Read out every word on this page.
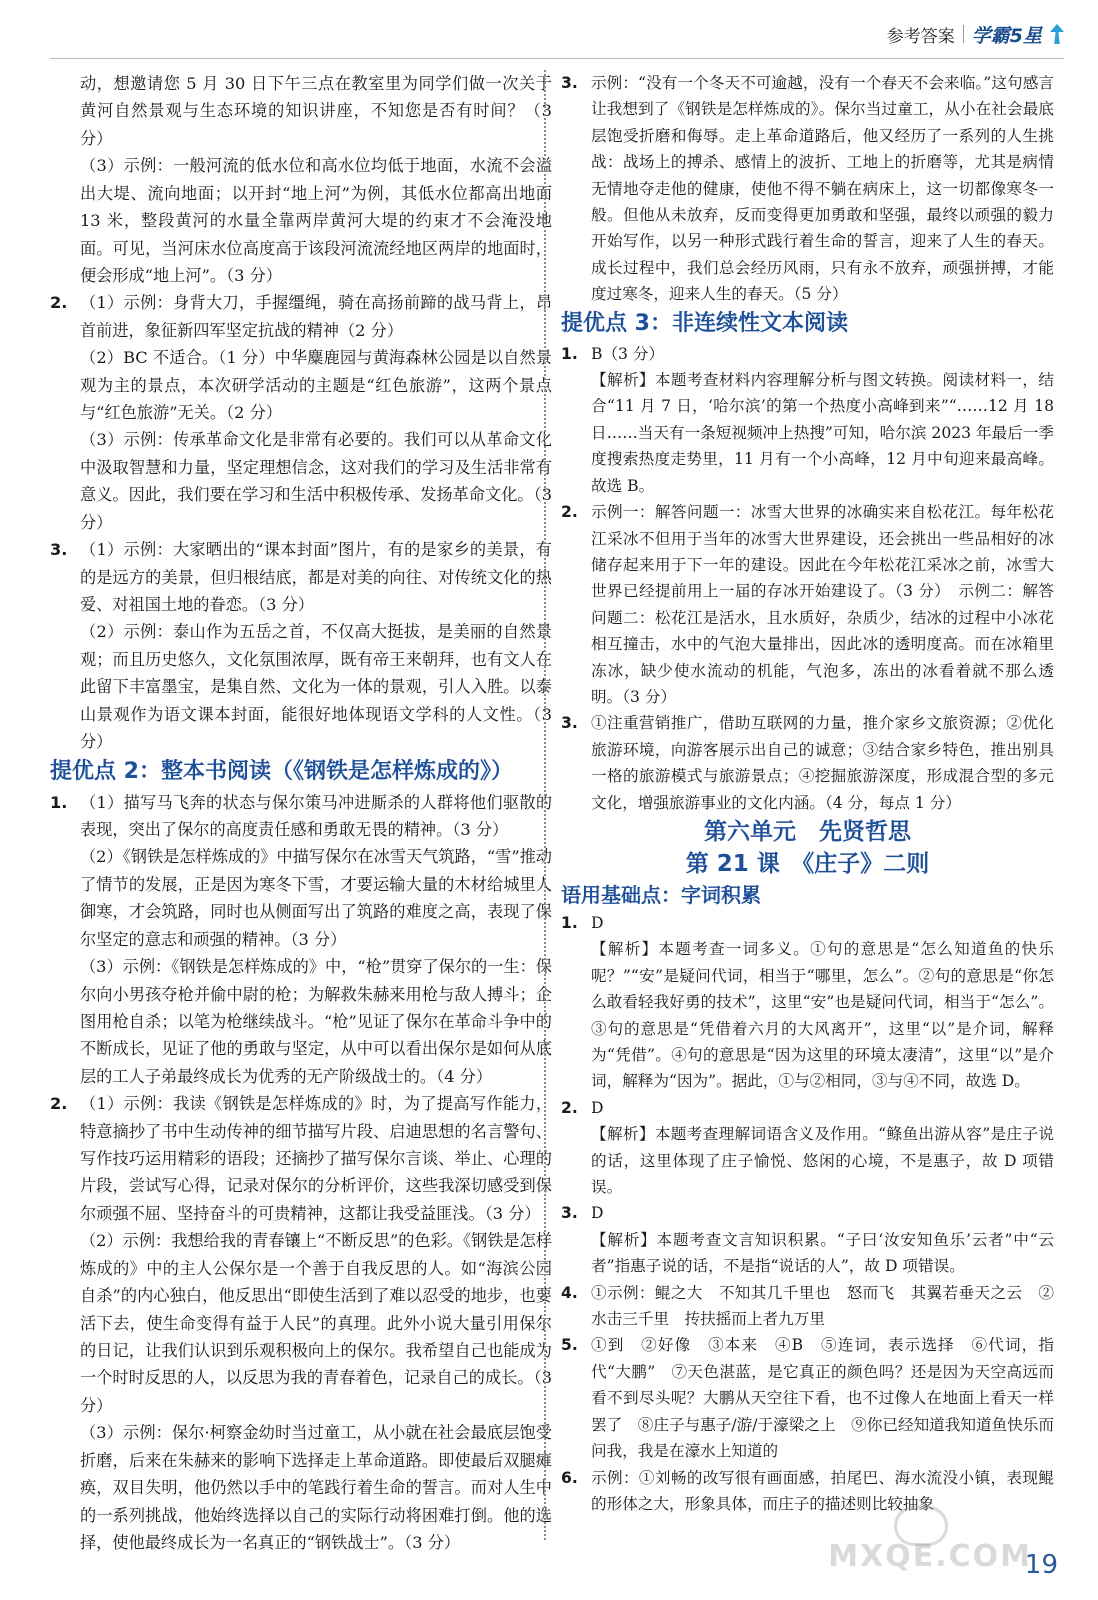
参考答案 学霸5星

动，想邀请您 5 月 30 日下午三点在教室里为同学们做一次关于黄河自然景观与生态环境的知识讲座，不知您是否有时间？（3 分）

（3）示例：一般河流的低水位和高水位均低于地面，水流不会溢出大堤、流向地面；以开封“地上河”为例，其低水位都高出地面 13 米，整段黄河的水量全靠两岸黄河大堤的约束才不会淹没地面。可见，当河床水位高度高于该段河流流经地区两岸的地面时，便会形成“地上河”。（3 分）

2. （1）示例：身背大刀，手握缰绳，骑在高扬前蹄的战马背上，昂首前进，象征新四军坚定抗战的精神（2 分）

（2）BC 不适合。（1 分）中华麋鹿园与黄海森林公园是以自然景观为主的景点，本次研学活动的主题是“红色旅游”，这两个景点与“红色旅游”无关。（2 分）

（3）示例：传承革命文化是非常有必要的。我们可以从革命文化中汲取智慧和力量，坚定理想信念，这对我们的学习及生活非常有意义。因此，我们要在学习和生活中积极传承、发扬革命文化。（3 分）

3. （1）示例：大家晒出的“课本封面”图片，有的是家乡的美景，有的是远方的美景，但归根结底，都是对美的向往、对传统文化的热爱、对祖国土地的眷恋。（3 分）

（2）示例：泰山作为五岳之首，不仅高大挺拔，是美丽的自然景观；而且历史悠久，文化氛围浓厚，既有帝王来朝拜，也有文人在此留下丰富墨宝，是集自然、文化为一体的景观，引人入胜。以泰山景观作为语文课本封面，能很好地体现语文学科的人文性。（3 分）

提优点 2：整本书阅读（《钢铁是怎样炼成的》）

1. （1）描写马飞奔的状态与保尔策马冲进厮杀的人群将他们驱散的表现，突出了保尔的高度责任感和勇敢无畏的精神。（3 分）

（2）《钢铁是怎样炼成的》中描写保尔在冰雪天气筑路，“雪”推动了情节的发展，正是因为寒冬下雪，才要运输大量的木材给城里人御寒，才会筑路，同时也从侧面写出了筑路的难度之高，表现了保尔坚定的意志和顽强的精神。（3 分）

（3）示例：《钢铁是怎样炼成的》中，“枪”贯穿了保尔的一生：保尔向小男孩夺枪并偷中尉的枪；为解救朱赫来用枪与敌人搏斗；企图用枪自杀；以笔为枪继续战斗。“枪”见证了保尔在革命斗争中的不断成长，见证了他的勇敢与坚定，从中可以看出保尔是如何从底层的工人子弟最终成长为优秀的无产阶级战士的。（4 分）

2. （1）示例：我读《钢铁是怎样炼成的》时，为了提高写作能力，特意摘抄了书中生动传神的细节描写片段、启迪思想的名言警句、写作技巧运用精彩的语段；还摘抄了描写保尔言谈、举止、心理的片段，尝试写心得，记录对保尔的分析评价，这些我深切感受到保尔顽强不屈、坚持奋斗的可贵精神，这都让我受益匪浅。（3 分）

（2）示例：我想给我的青春镶上“不断反思”的色彩。《钢铁是怎样炼成的》中的主人公保尔是一个善于自我反思的人。如“海滨公园自杀”的内心独白，他反思出“即使生活到了难以忍受的地步，也要活下去，使生命变得有益于人民”的真理。此外小说大量引用保尔的日记，让我们认识到乐观积极向上的保尔。我希望自己也能成为一个时时反思的人，以反思为我的青春着色，记录自己的成长。（3 分）

（3）示例：保尔·柯察金幼时当过童工，从小就在社会最底层饱受折磨，后来在朱赫来的影响下选择走上革命道路。即使最后双腿瘫痪，双目失明，他仍然以手中的笔践行着生命的誓言。而对人生中的一系列挑战，他始终选择以自己的实际行动将困难打倒。他的选择，使他最终成长为一名真正的“钢铁战士”。（3 分）

3. 示例：“没有一个冬天不可逾越，没有一个春天不会来临。”这句感言让我想到了《钢铁是怎样炼成的》。保尔当过童工，从小在社会最底层饱受折磨和侮辱。走上革命道路后，他又经历了一系列的人生挑战：战场上的搏杀、感情上的波折、工地上的折磨等，尤其是病情无情地夺走他的健康，使他不得不躺在病床上，这一切都像寒冬一般。但他从未放弃，反而变得更加勇敢和坚强，最终以顽强的毅力开始写作，以另一种形式践行着生命的誓言，迎来了人生的春天。成长过程中，我们总会经历风雨，只有永不放弃，顽强拼搏，才能度过寒冬，迎来人生的春天。（5 分）

提优点 3：非连续性文本阅读

1. B（3 分）

【解析】本题考查材料内容理解分析与图文转换。阅读材料一，结合“11 月 7 日，‘哈尔滨’的第一个热度小高峰到来”“……12 月 18 日……当天有一条短视频冲上热搜”可知，哈尔滨 2023 年最后一季度搜索热度走势里，11 月有一个小高峰，12 月中旬迎来最高峰。故选 B。

2. 示例一：解答问题一：冰雪大世界的冰确实来自松花江。每年松花江采冰不但用于当年的冰雪大世界建设，还会挑出一些品相好的冰储存起来用于下一年的建设。因此在今年松花江采冰之前，冰雪大世界已经提前用上一届的存冰开始建设了。（3 分）　示例二：解答问题二：松花江是活水，且水质好，杂质少，结冰的过程中小冰花相互撞击，水中的气泡大量排出，因此冰的透明度高。而在冰箱里冻冰，缺少使水流动的机能，气泡多，冻出的冰看着就不那么透明。（3 分）

3. ①注重营销推广，借助互联网的力量，推介家乡文旅资源；②优化旅游环境，向游客展示出自己的诚意；③结合家乡特色，推出别具一格的旅游模式与旅游景点；④挖掘旅游深度，形成混合型的多元文化，增强旅游事业的文化内涵。（4 分，每点 1 分）

第六单元　先贤哲思
第 21 课　《庄子》二则
语用基础点：字词积累

1. D

【解析】本题考查一词多义。①句的意思是“怎么知道鱼的快乐呢？”“安”是疑问代词，相当于“哪里，怎么”。②句的意思是“你怎么敢看轻我好勇的技术”，这里“安”也是疑问代词，相当于“怎么”。③句的意思是“凭借着六月的大风离开”，这里“以”是介词，解释为“凭借”。④句的意思是“因为这里的环境太凄清”，这里“以”是介词，解释为“因为”。据此，①与②相同，③与④不同，故选 D。

2. D

【解析】本题考查理解词语含义及作用。“鲦鱼出游从容”是庄子说的话，这里体现了庄子愉悦、悠闲的心境，不是惠子，故 D 项错误。

3. D

【解析】本题考查文言知识积累。“子曰‘汝安知鱼乐’云者”中“云者”指惠子说的话，不是指“说话的人”，故 D 项错误。

4. ①示例：鲲之大　不知其几千里也　怒而飞　其翼若垂天之云　②水击三千里　抟扶摇而上者九万里

5. ①到　②好像　③本来　④B　⑤连词，表示选择　⑥代词，指代“大鹏”　⑦天色湛蓝，是它真正的颜色吗？还是因为天空高远而看不到尽头呢？大鹏从天空往下看，也不过像人在地面上看天一样罢了　⑧庄子与惠子/游/于濠梁之上　⑨你已经知道我知道鱼快乐而问我，我是在濠水上知道的

6. 示例：①刘畅的改写很有画面感，拍尾巴、海水流没小镇，表现鲲的形体之大，形象具体，而庄子的描述则比较抽象

MXQE.COM
19
